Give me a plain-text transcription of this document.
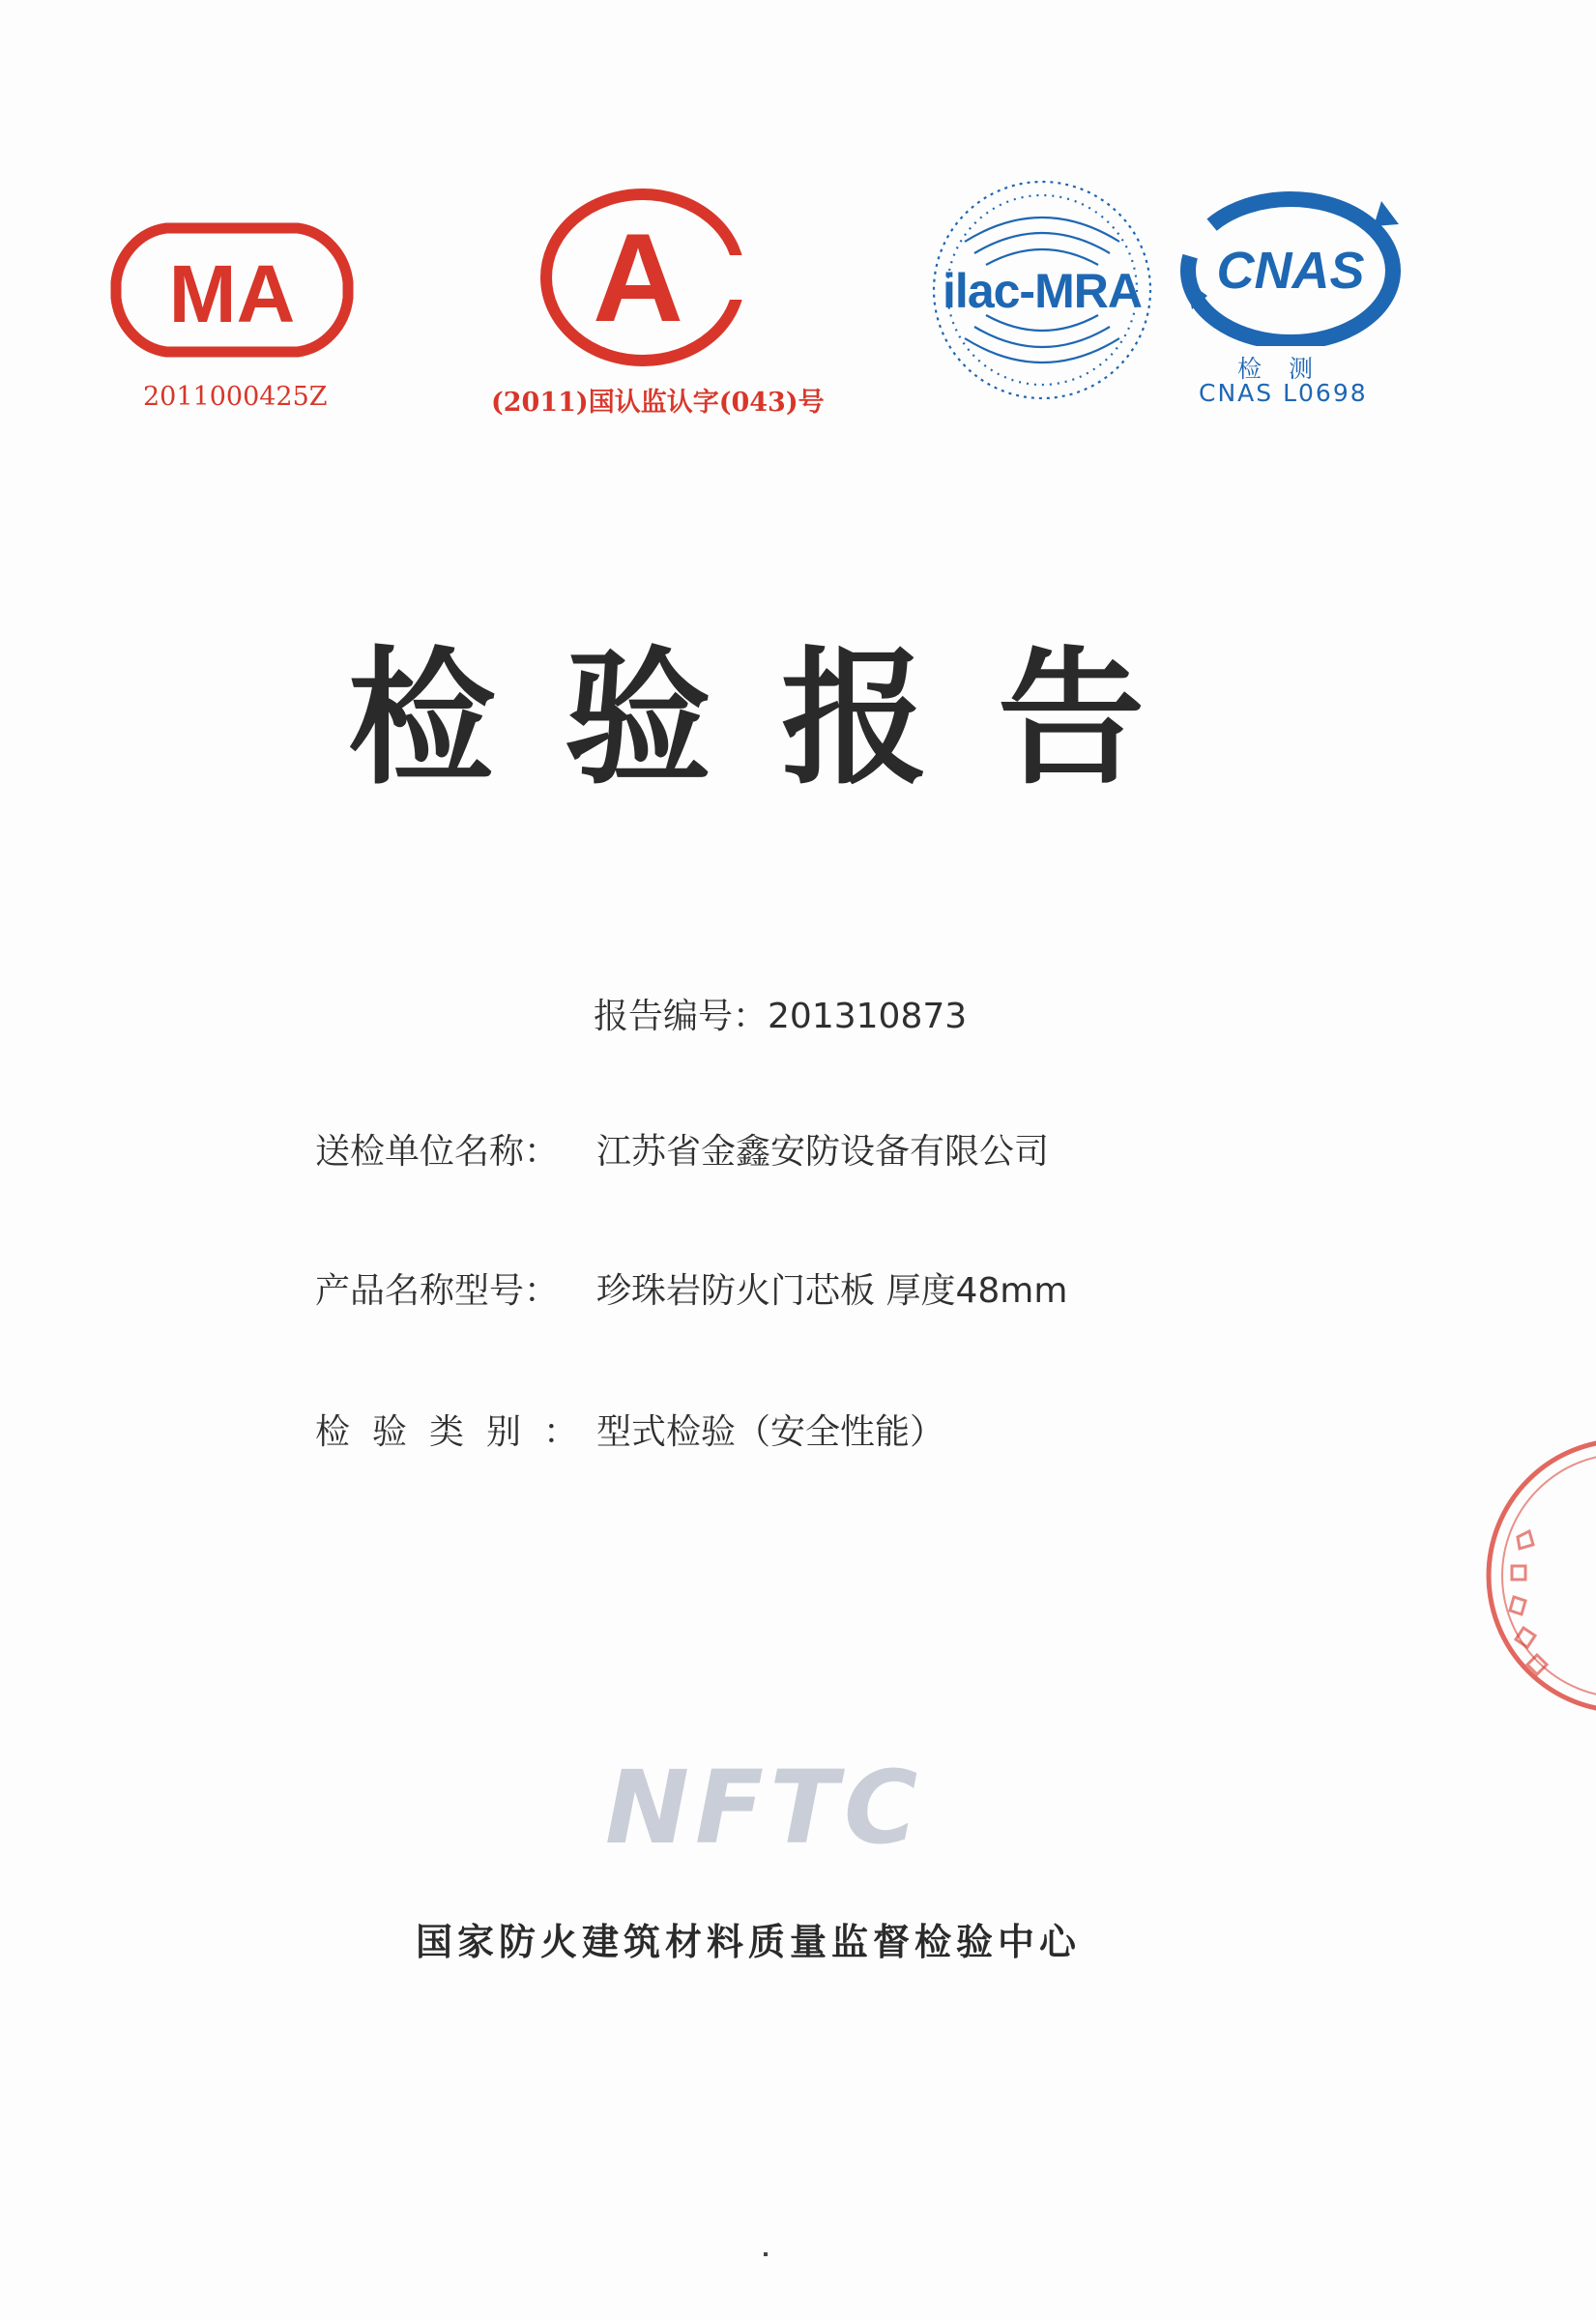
MA
2011000425Z
A
(2011)国认监认字(043)号
ilac-MRA CNAS
检测
CNAS L0698
检验报告
报告编号：201310873
送检单位名称： 江苏省金鑫安防设备有限公司
产品名称型号： 珍珠岩防火门芯板 厚度48mm
检验类别：型式检验（安全性能）
NFTC
国家防火建筑材料质量监督检验中心
